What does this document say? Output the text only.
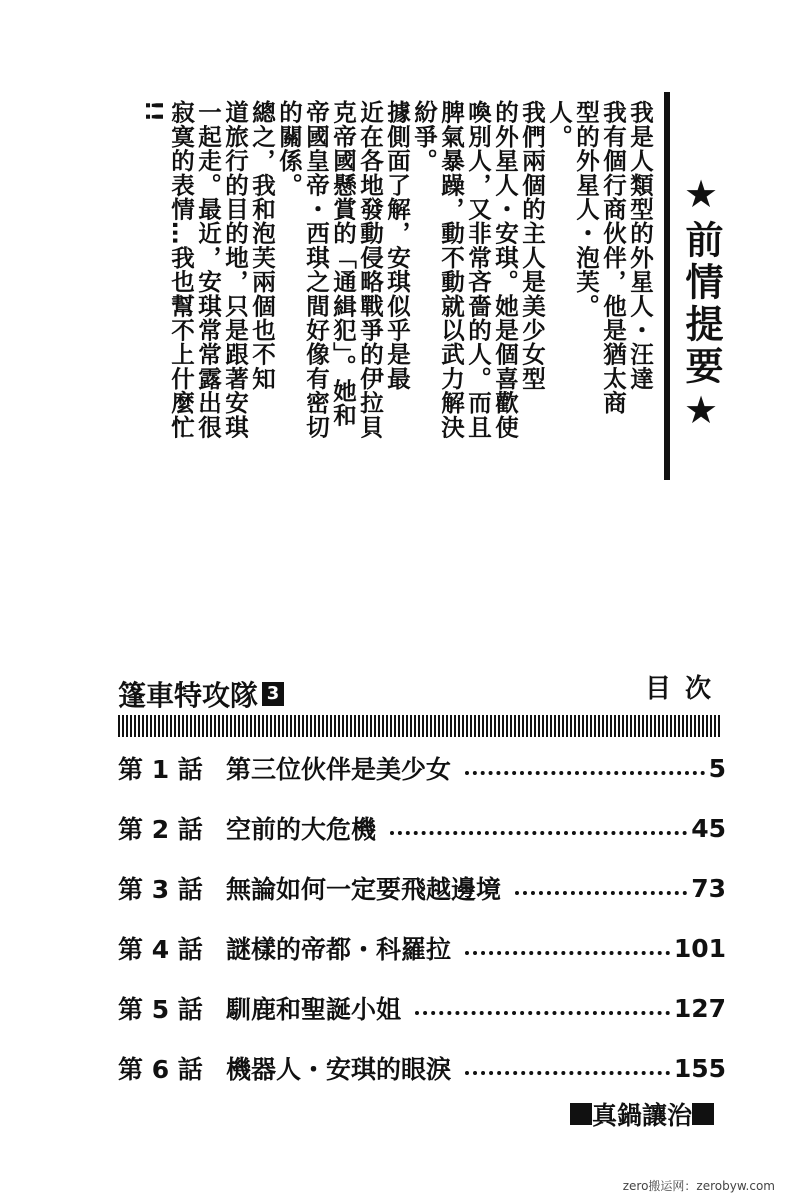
★前情提要★
我是人類型的外星人・汪達
我有個行商伙伴，他是猶太商
型的外星人・泡芙。
人。
我們兩個的主人是美少女型
的外星人・安琪。她是個喜歡使
喚別人，又非常吝嗇的人。而且
脾氣暴躁，動不動就以武力解決
紛爭。
據側面了解，安琪似乎是最
近在各地發動侵略戰爭的伊拉貝
克帝國懸賞的「通緝犯」。她和
帝國皇帝・西琪之間好像有密切
的關係。
總之，我和泡芙兩個也不知
道旅行的目的地，只是跟著安琪
一起走。最近，安琪常常露出很
寂寞的表情…我也幫不上什麼忙
!!
篷車特攻隊 3	目次
第 1 話 第三位伙伴是美少女	5
第 2 話 空前的大危機	45
第 3 話 無論如何一定要飛越邊境	73
第 4 話 謎樣的帝都・科羅拉	101
第 5 話 馴鹿和聖誕小姐	127
第 6 話 機器人・安琪的眼淚	155
真鍋讓治
zero搬运网：zerobyw.com
